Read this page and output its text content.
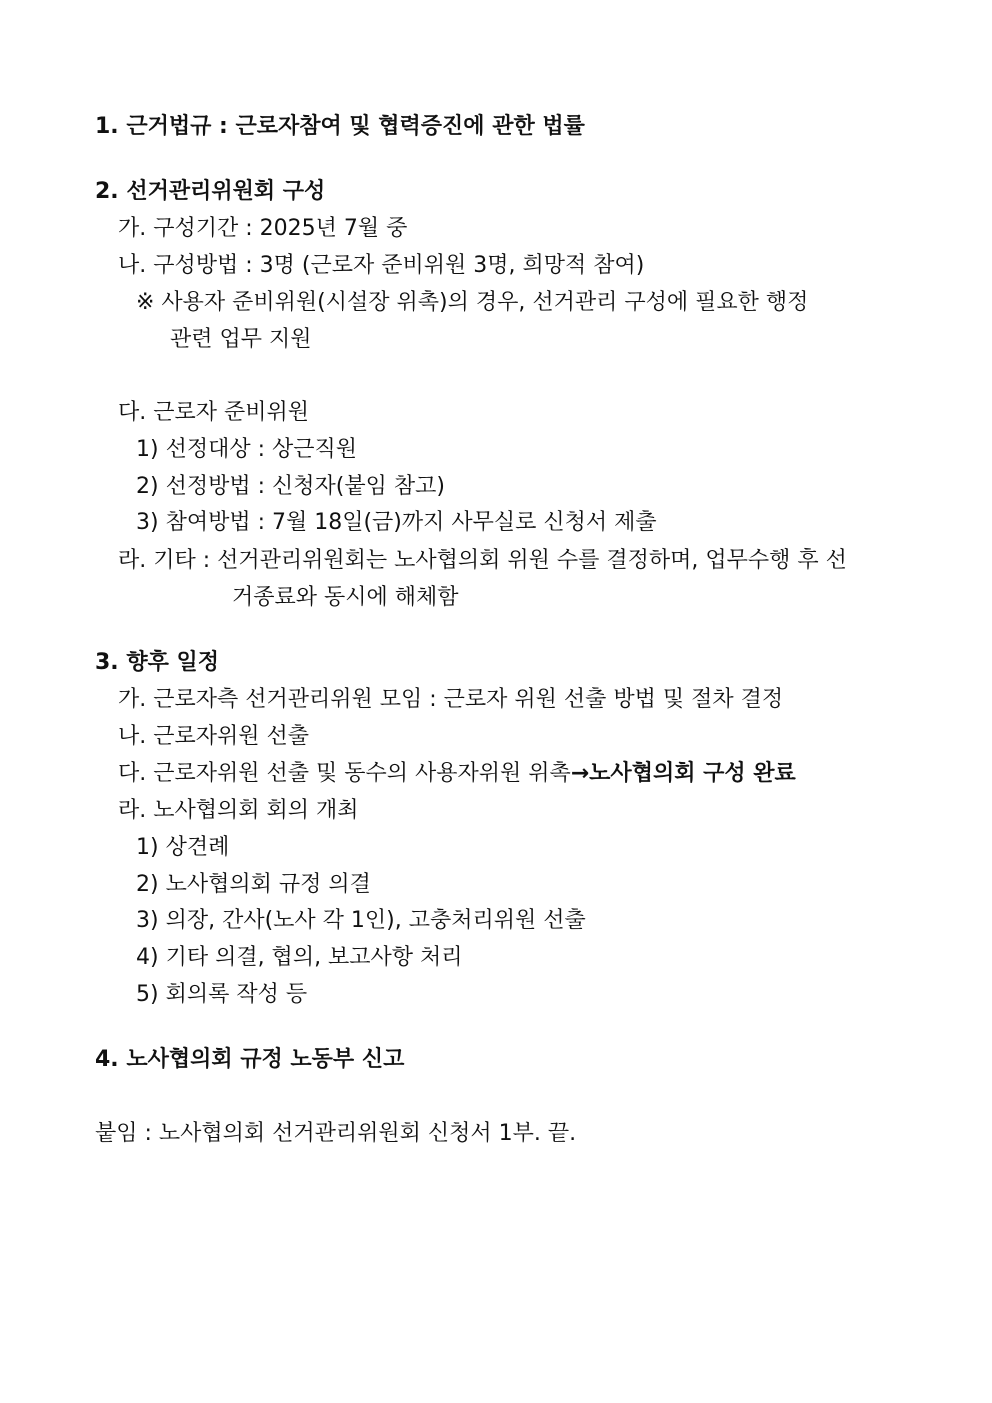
1. 근거법규 : 근로자참여 및 협력증진에 관한 법률
2. 선거관리위원회 구성
가. 구성기간 : 2025년 7월 중
나. 구성방법 : 3명 (근로자 준비위원 3명, 희망적 참여)
※ 사용자 준비위원(시설장 위촉)의 경우, 선거관리 구성에 필요한 행정
관련 업무 지원
다. 근로자 준비위원
1) 선정대상 : 상근직원
2) 선정방법 : 신청자(붙임 참고)
3) 참여방법 : 7월 18일(금)까지 사무실로 신청서 제출
라. 기타 : 선거관리위원회는 노사협의회 위원 수를 결정하며, 업무수행 후 선
거종료와 동시에 해체함
3. 향후 일정
가. 근로자측 선거관리위원 모임 : 근로자 위원 선출 방법 및 절차 결정
나. 근로자위원 선출
다. 근로자위원 선출 및 동수의 사용자위원 위촉→노사협의회 구성 완료
라. 노사협의회 회의 개최
1) 상견례
2) 노사협의회 규정 의결
3) 의장, 간사(노사 각 1인), 고충처리위원 선출
4) 기타 의결, 협의, 보고사항 처리
5) 회의록 작성 등
4. 노사협의회 규정 노동부 신고
붙임 : 노사협의회 선거관리위원회 신청서 1부. 끝.
